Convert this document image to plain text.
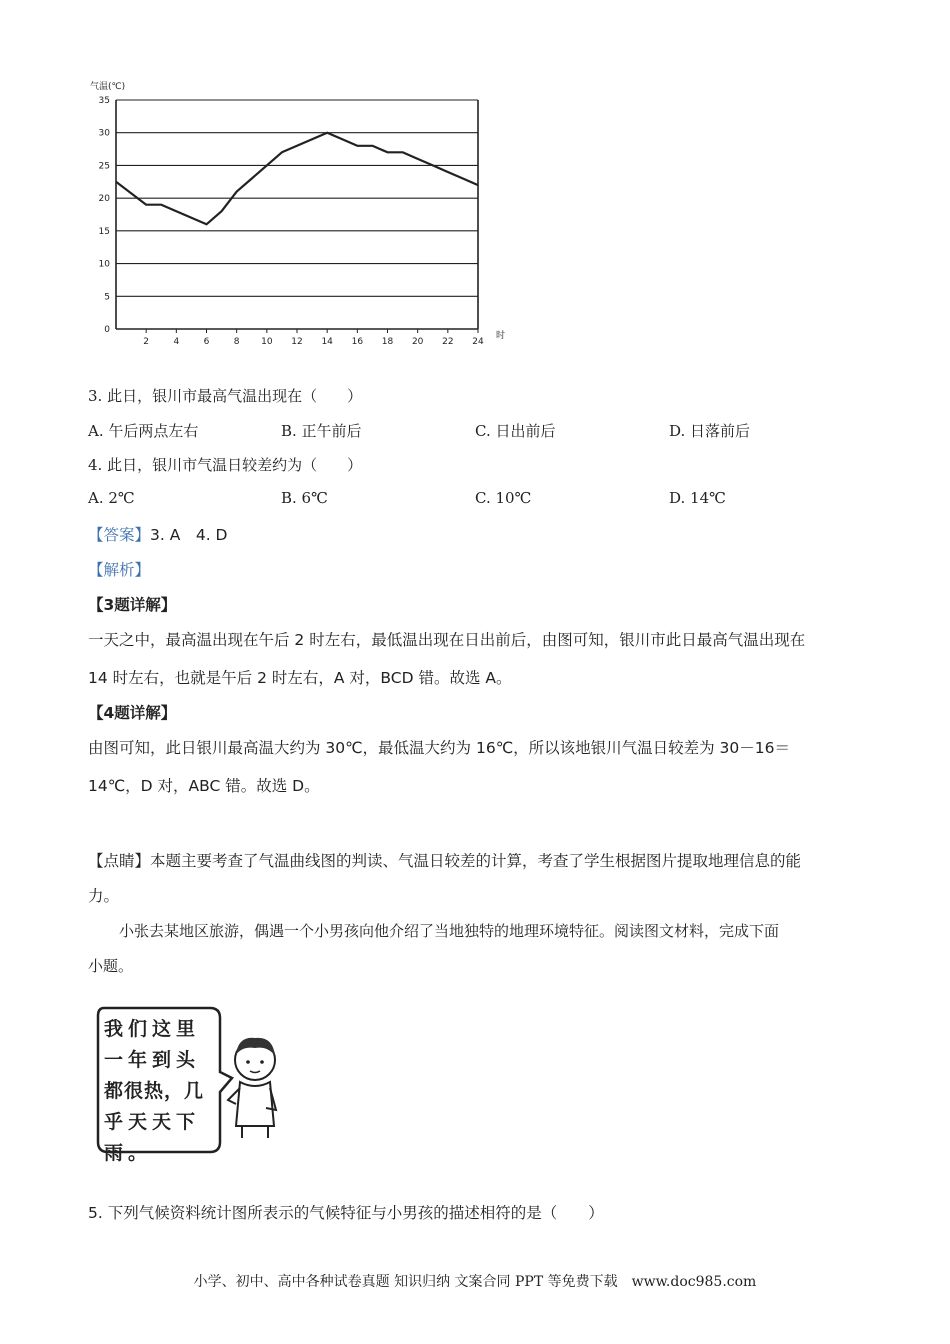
气温(℃)
0
5
10
15
20
25
30
35
2	4	6	8 10 12 14 16 18 20 22 24
时
3. 此日，银川市最高气温出现在（　　）
A. 午后两点左右	B. 正午前后	C. 日出前后	D. 日落前后
4. 此日，银川市气温日较差约为（　　）
A. 2℃	B. 6℃	C. 10℃	D. 14℃
【答案】3. A　4. D
【解析】
【3题详解】
一天之中，最高温出现在午后 2 时左右，最低温出现在日出前后，由图可知，银川市此日最高气温出现在
14 时左右，也就是午后 2 时左右，A 对，BCD 错。故选 A。
【4题详解】
由图可知，此日银川最高温大约为 30℃，最低温大约为 16℃，所以该地银川气温日较差为 30－16＝
14℃，D 对，ABC 错。故选 D。
【点睛】本题主要考查了气温曲线图的判读、气温日较差的计算，考查了学生根据图片提取地理信息的能
力。
小张去某地区旅游，偶遇一个小男孩向他介绍了当地独特的地理环境特征。阅读图文材料，完成下面
小题。
我们这里
一年到头
都很热，几
乎天天下
雨。
5. 下列气候资料统计图所表示的气候特征与小男孩的描述相符的是（　　）
小学、初中、高中各种试卷真题 知识归纳 文案合同 PPT 等免费下载　www.doc985.com
